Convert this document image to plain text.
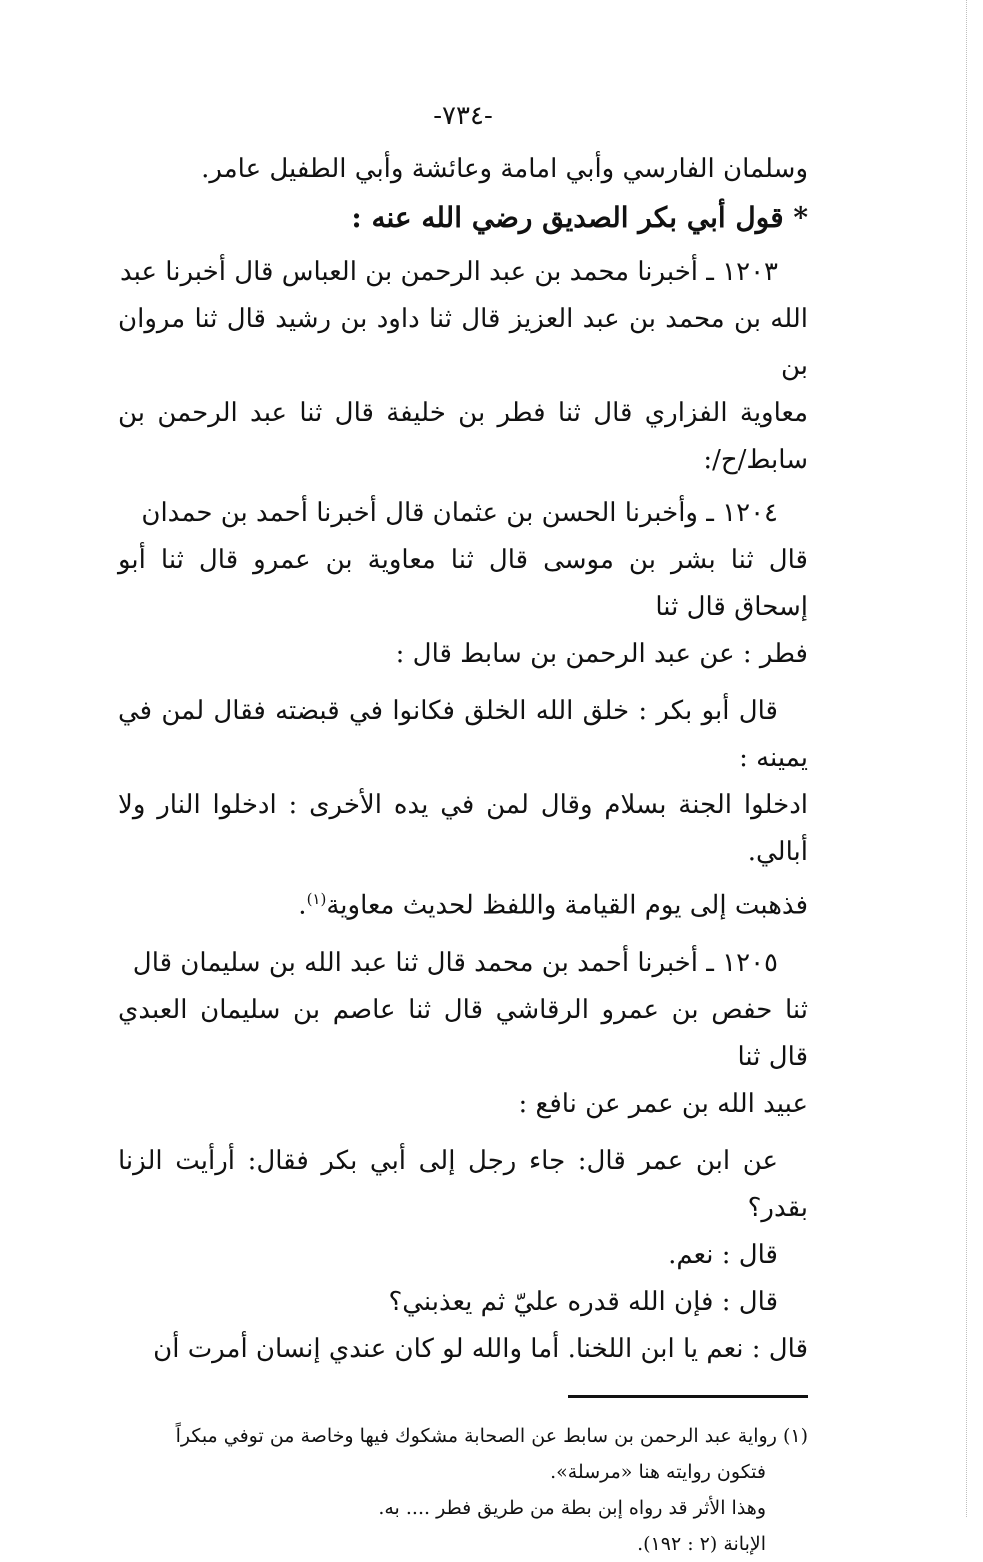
-٧٣٤-
وسلمان الفارسي وأبي امامة وعائشة وأبي الطفيل عامر.
* قول أبي بكر الصديق رضي الله عنه :
١٢٠٣ ـ أخبرنا محمد بن عبد الرحمن بن العباس قال أخبرنا عبد
الله بن محمد بن عبد العزيز قال ثنا داود بن رشيد قال ثنا مروان بن
معاوية الفزاري قال ثنا فطر بن خليفة قال ثنا عبد الرحمن بن سابط/ح/:
١٢٠٤ ـ وأخبرنا الحسن بن عثمان قال أخبرنا أحمد بن حمدان
قال ثنا بشر بن موسى قال ثنا معاوية بن عمرو قال ثنا أبو إسحاق قال ثنا
فطر : عن عبد الرحمن بن سابط قال :
قال أبو بكر : خلق الله الخلق فكانوا في قبضته فقال لمن في يمينه :
ادخلوا الجنة بسلام وقال لمن في يده الأخرى : ادخلوا النار ولا أبالي.
فذهبت إلى يوم القيامة واللفظ لحديث معاوية$^{(١)}$.
١٢٠٥ ـ أخبرنا أحمد بن محمد قال ثنا عبد الله بن سليمان قال
ثنا حفص بن عمرو الرقاشي قال ثنا عاصم بن سليمان العبدي قال ثنا
عبيد الله بن عمر عن نافع :
عن ابن عمر قال: جاء رجل إلى أبي بكر فقال: أرأيت الزنا بقدر؟
قال : نعم.
قال : فإن الله قدره عليّ ثم يعذبني؟
قال : نعم يا ابن اللخنا. أما والله لو كان عندي إنسان أمرت أن
(١) رواية عبد الرحمن بن سابط عن الصحابة مشكوك فيها وخاصة من توفي مبكراً
فتكون روايته هنا «مرسلة».
وهذا الأثر قد رواه إبن بطة من طريق فطر .... به.
الإبانة (٢ : ١٩٢).
